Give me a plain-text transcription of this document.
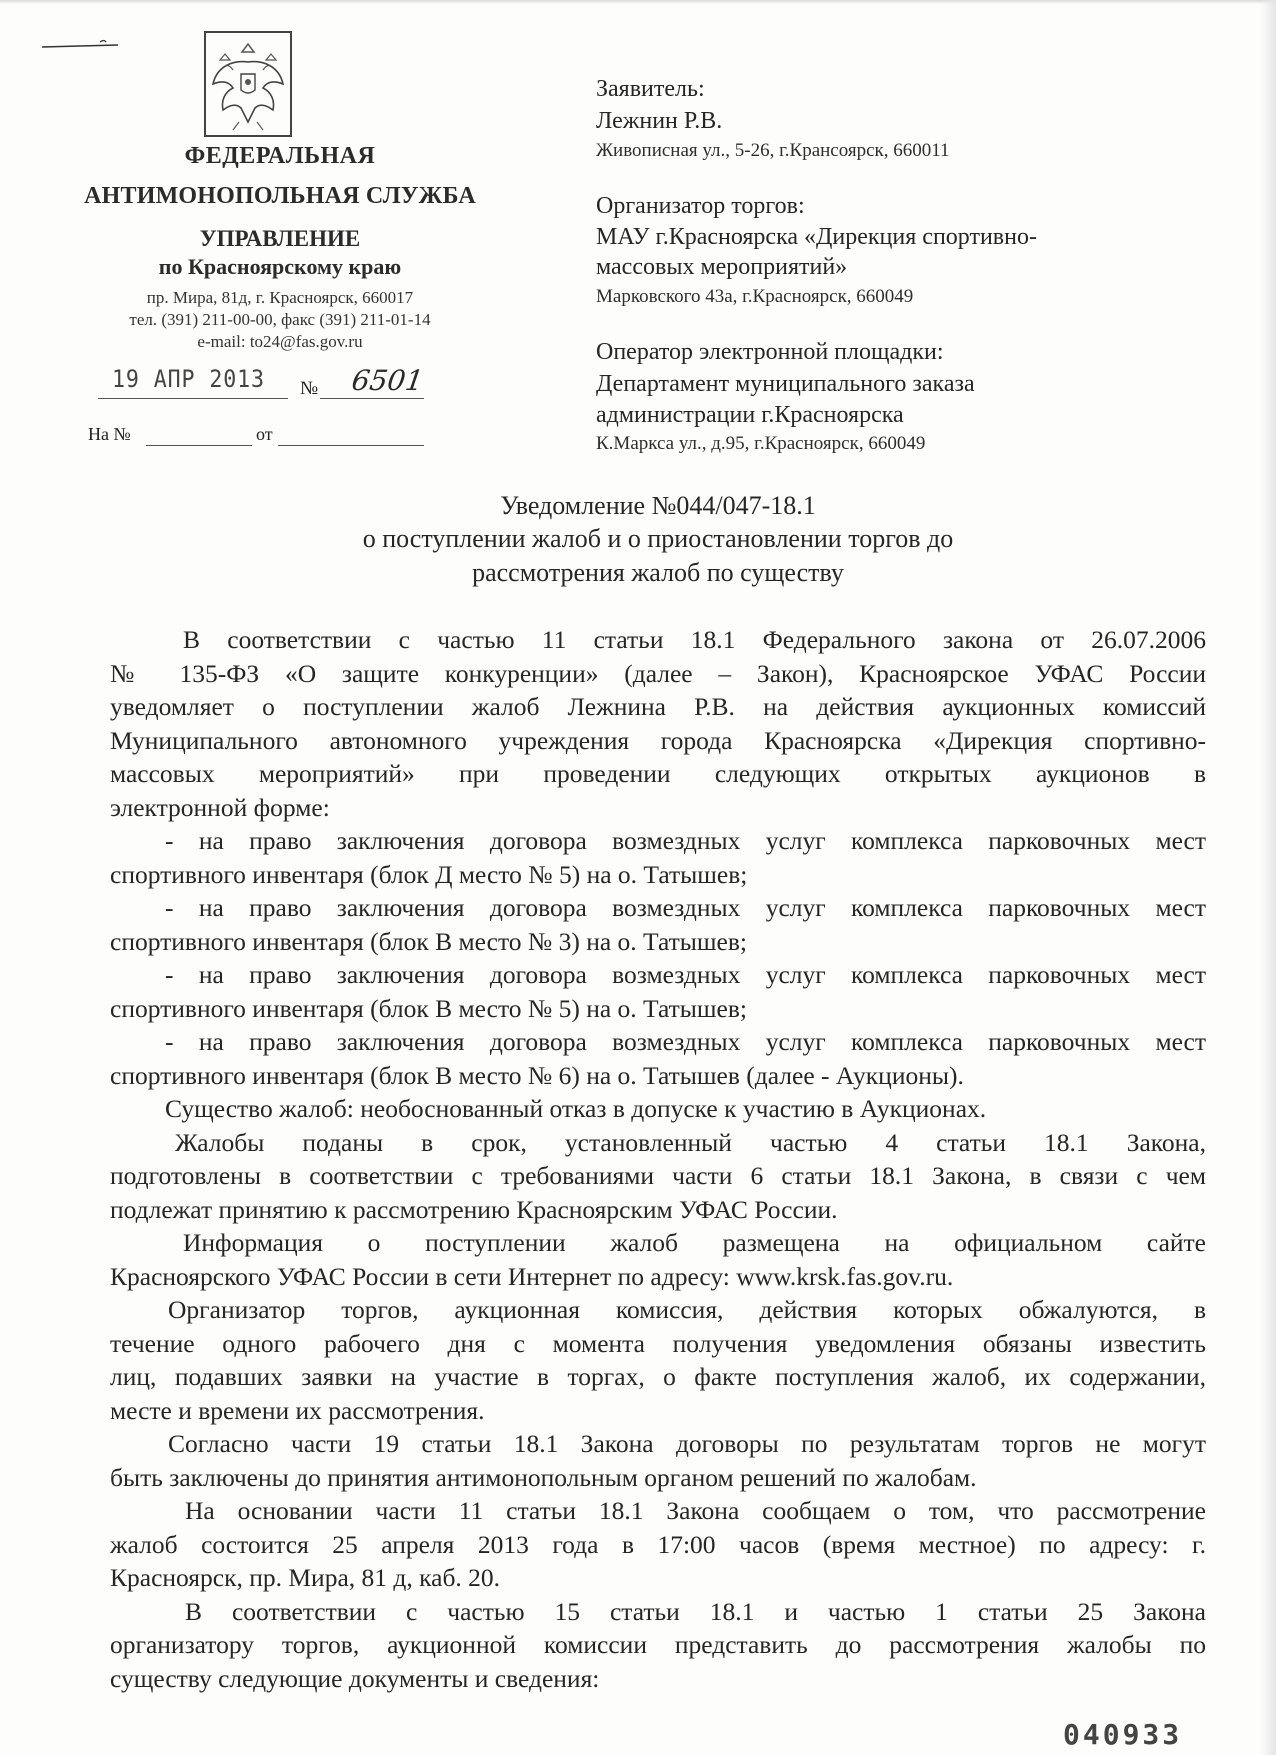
ФЕДЕРАЛЬНАЯ
АНТИМОНОПОЛЬНАЯ СЛУЖБА
УПРАВЛЕНИЕ
по Красноярскому краю
пр. Мира, 81д, г. Красноярск, 660017
тел. (391) 211-00-00, факс (391) 211-01-14
e-mail: to24@fas.gov.ru
19 АПР 2013 № 6501
На №	от
Заявитель:
Лежнин Р.В.
Живописная ул., 5-26, г.Крансоярск, 660011
Организатор торгов:
МАУ г.Красноярска «Дирекция спортивно-
массовых мероприятий»
Марковского 43а, г.Красноярск, 660049
Оператор электронной площадки:
Департамент муниципального заказа
администрации г.Красноярска
К.Маркса ул., д.95, г.Красноярск, 660049
Уведомление №044/047-18.1
о поступлении жалоб и о приостановлении торгов до
рассмотрения жалоб по существу
В соответствии с частью 11 статьи 18.1 Федерального закона от 26.07.2006
№ 135-ФЗ «О защите конкуренции» (далее – Закон), Красноярское УФАС России
уведомляет о поступлении жалоб Лежнина Р.В. на действия аукционных комиссий
Муниципального автономного учреждения города Красноярска «Дирекция спортивно-
массовых мероприятий» при проведении следующих открытых аукционов в
электронной форме:
- на право заключения договора возмездных услуг комплекса парковочных мест
спортивного инвентаря (блок Д место № 5) на о. Татышев;
- на право заключения договора возмездных услуг комплекса парковочных мест
спортивного инвентаря (блок В место № 3) на о. Татышев;
- на право заключения договора возмездных услуг комплекса парковочных мест
спортивного инвентаря (блок В место № 5) на о. Татышев;
- на право заключения договора возмездных услуг комплекса парковочных мест
спортивного инвентаря (блок В место № 6) на о. Татышев (далее - Аукционы).
Существо жалоб: необоснованный отказ в допуске к участию в Аукционах.
Жалобы поданы в срок, установленный частью 4 статьи 18.1 Закона,
подготовлены в соответствии с требованиями части 6 статьи 18.1 Закона, в связи с чем
подлежат принятию к рассмотрению Красноярским УФАС России.
Информация о поступлении жалоб размещена на официальном сайте
Красноярского УФАС России в сети Интернет по адресу: www.krsk.fas.gov.ru.
Организатор торгов, аукционная комиссия, действия которых обжалуются, в
течение одного рабочего дня с момента получения уведомления обязаны известить
лиц, подавших заявки на участие в торгах, о факте поступления жалоб, их содержании,
месте и времени их рассмотрения.
Согласно части 19 статьи 18.1 Закона договоры по результатам торгов не могут
быть заключены до принятия антимонопольным органом решений по жалобам.
На основании части 11 статьи 18.1 Закона сообщаем о том, что рассмотрение
жалоб состоится 25 апреля 2013 года в 17:00 часов (время местное) по адресу: г.
Красноярск, пр. Мира, 81 д, каб. 20.
В соответствии с частью 15 статьи 18.1 и частью 1 статьи 25 Закона
организатору торгов, аукционной комиссии представить до рассмотрения жалобы по
существу следующие документы и сведения:
040933
